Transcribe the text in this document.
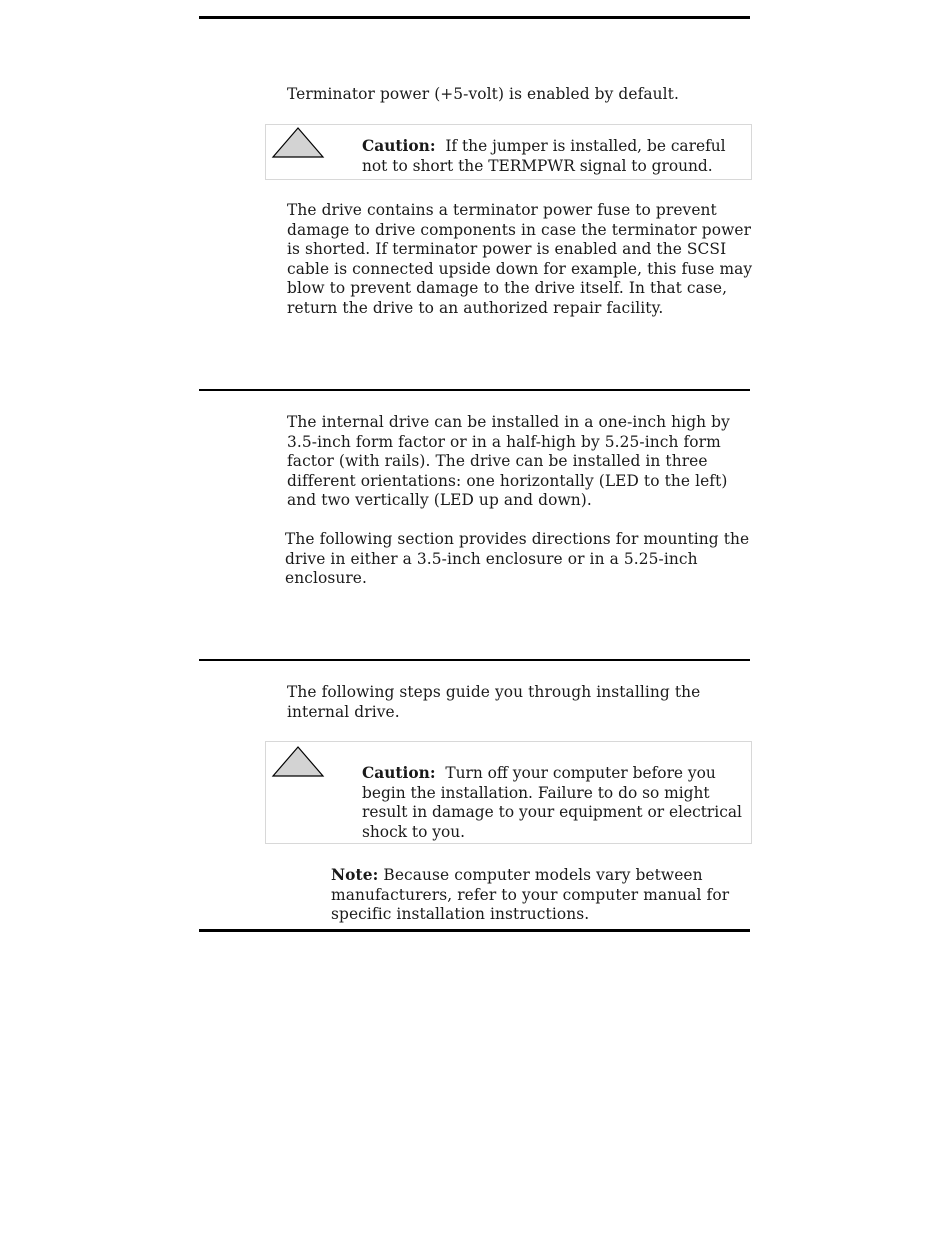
Terminator power (+5-volt) is enabled by default.

Caution: If the jumper is installed, be careful
not to short the TERMPWR signal to ground.

The drive contains a terminator power fuse to prevent
damage to drive components in case the terminator power
is shorted. If terminator power is enabled and the SCSI
cable is connected upside down for example, this fuse may
blow to prevent damage to the drive itself. In that case,
return the drive to an authorized repair facility.

The internal drive can be installed in a one-inch high by
3.5-inch form factor or in a half-high by 5.25-inch form
factor (with rails). The drive can be installed in three
different orientations: one horizontally (LED to the left)
and two vertically (LED up and down).

The following section provides directions for mounting the
drive in either a 3.5-inch enclosure or in a 5.25-inch
enclosure.

The following steps guide you through installing the
internal drive.

Caution: Turn off your computer before you
begin the installation. Failure to do so might
result in damage to your equipment or electrical
shock to you.

Note: Because computer models vary between
manufacturers, refer to your computer manual for
specific installation instructions.
